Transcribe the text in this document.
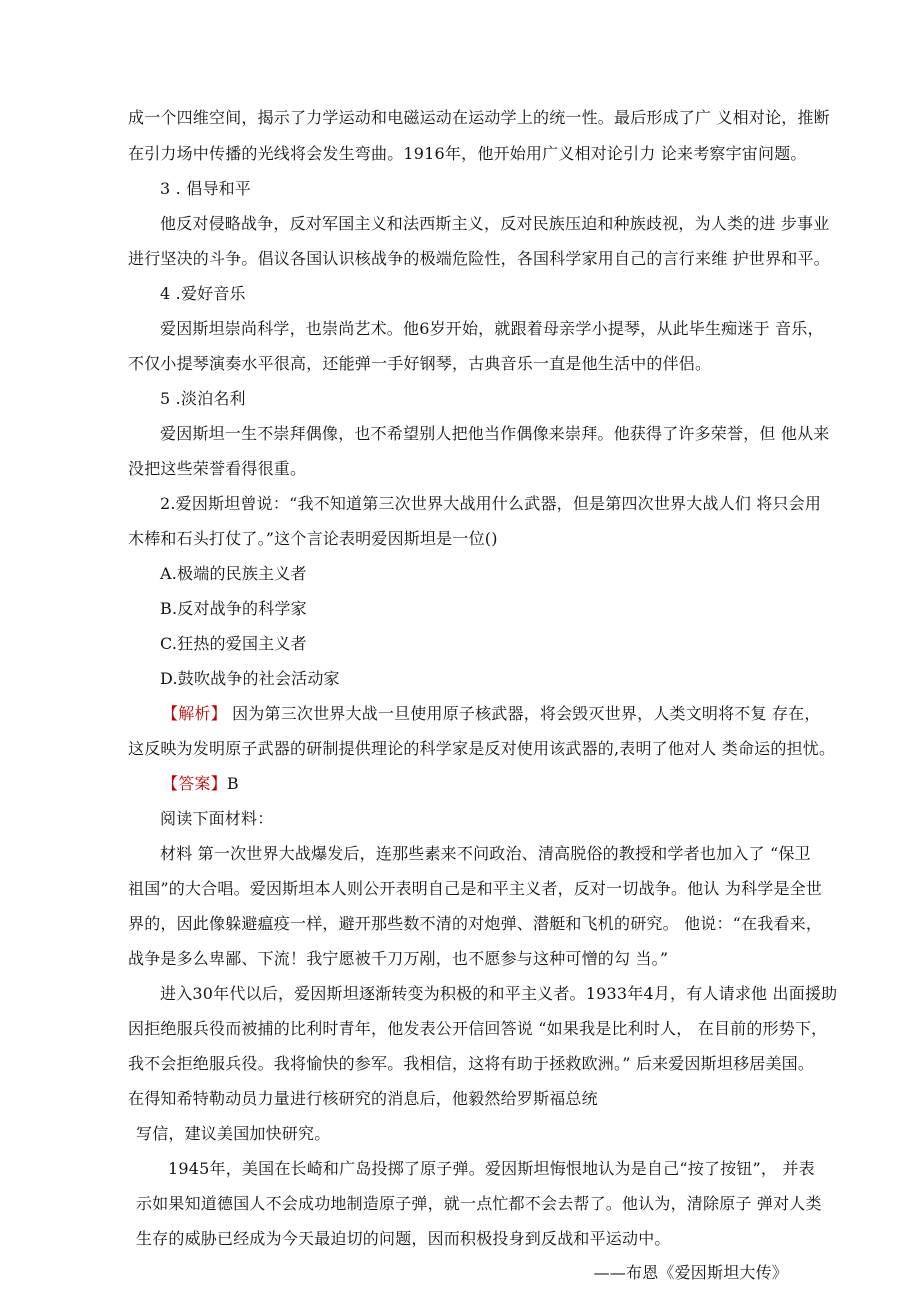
成一个四维空间，揭示了力学运动和电磁运动在运动学上的统一性。最后形成了广 义相对论，推断
在引力场中传播的光线将会发生弯曲。1916年，他开始用广义相对论引力 论来考察宇宙问题。
3 . 倡导和平
他反对侵略战争，反对军国主义和法西斯主义，反对民族压迫和种族歧视，为人类的进 步事业
进行坚决的斗争。倡议各国认识核战争的极端危险性，各国科学家用自己的言行来维 护世界和平。
4 .爱好音乐
爱因斯坦崇尚科学，也崇尚艺术。他6岁开始，就跟着母亲学小提琴，从此毕生痴迷于 音乐，
不仅小提琴演奏水平很高，还能弹一手好钢琴，古典音乐一直是他生活中的伴侣。
5 .淡泊名利
爱因斯坦一生不崇拜偶像，也不希望别人把他当作偶像来崇拜。他获得了许多荣誉，但 他从来
没把这些荣誉看得很重。
2.爱因斯坦曾说：“我不知道第三次世界大战用什么武器，但是第四次世界大战人们 将只会用
木棒和石头打仗了。”这个言论表明爱因斯坦是一位()
A.极端的民族主义者
B.反对战争的科学家
C.狂热的爱国主义者
D.鼓吹战争的社会活动家
【解析】 因为第三次世界大战一旦使用原子核武器，将会毁灭世界，人类文明将不复 存在，
这反映为发明原子武器的研制提供理论的科学家是反对使用该武器的,表明了他对人 类命运的担忧。
【答案】B
阅读下面材料：
材料 第一次世界大战爆发后，连那些素来不问政治、清高脱俗的教授和学者也加入了 “保卫
祖国”的大合唱。爱因斯坦本人则公开表明自己是和平主义者，反对一切战争。他认 为科学是全世
界的，因此像躲避瘟疫一样，避开那些数不清的对炮弹、潜艇和飞机的研究。 他说：“在我看来，
战争是多么卑鄙、下流！我宁愿被千刀万剐，也不愿参与这种可憎的勾 当。”
进入30年代以后，爱因斯坦逐渐转变为积极的和平主义者。1933年4月，有人请求他 出面援助
因拒绝服兵役而被捕的比利时青年，他发表公开信回答说 “如果我是比利时人， 在目前的形势下，
我不会拒绝服兵役。我将愉快的参军。我相信，这将有助于拯救欧洲。” 后来爱因斯坦移居美国。
在得知希特勒动员力量进行核研究的消息后，他毅然给罗斯福总统
写信，建议美国加快研究。
1945年，美国在长崎和广岛投掷了原子弹。爱因斯坦悔恨地认为是自己“按了按钮”， 并表
示如果知道德国人不会成功地制造原子弹，就一点忙都不会去帮了。他认为，清除原子 弹对人类
生存的威胁已经成为今天最迫切的问题，因而积极投身到反战和平运动中。
——布恩《爱因斯坦大传》
